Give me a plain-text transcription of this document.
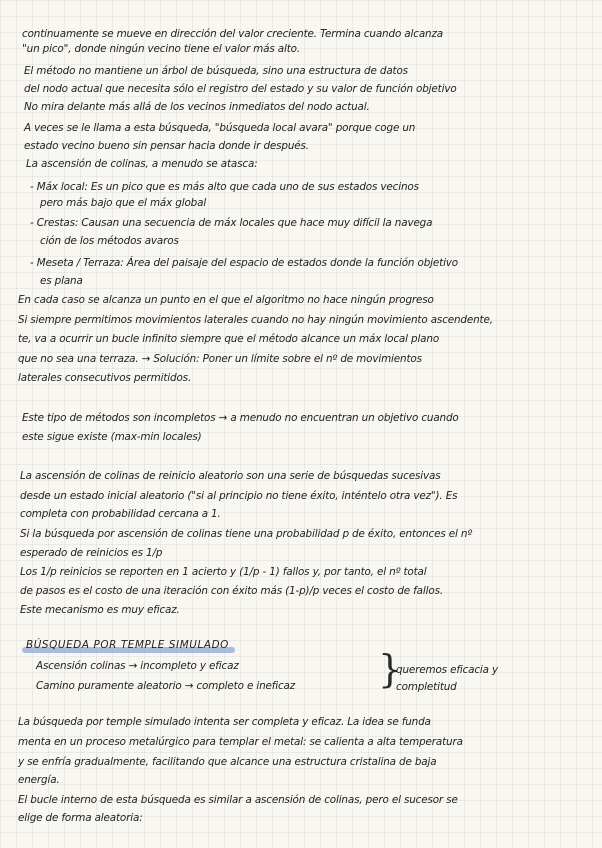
continuamente se mueve en dirección del valor creciente. Termina cuando alcanza
"un pico", donde ningún vecino tiene el valor más alto.
El método no mantiene un árbol de búsqueda, sino una estructura de datos
del nodo actual que necesita sólo el registro del estado y su valor de función objetivo
No mira delante más allá de los vecinos inmediatos del nodo actual.
A veces se le llama a esta búsqueda, "búsqueda local avara" porque coge un
estado vecino bueno sin pensar hacia donde ir después.
La ascensión de colinas, a menudo se atasca:
- Máx local: Es un pico que es más alto que cada uno de sus estados vecinos
pero más bajo que el máx global
- Crestas: Causan una secuencia de máx locales que hace muy difícil la navega
ción de los métodos avaros
- Meseta / Terraza: Área del paisaje del espacio de estados donde la función objetivo
es plana
En cada caso se alcanza un punto en el que el algoritmo no hace ningún progreso
Si siempre permitimos movimientos laterales cuando no hay ningún movimiento ascendente,
te, va a ocurrir un bucle infinito siempre que el método alcance un máx local plano
que no sea una terraza. → Solución: Poner un límite sobre el nº de movimientos
laterales consecutivos permitidos.
Este tipo de métodos son incompletos → a menudo no encuentran un objetivo cuando
este sigue existe (max-min locales)
La ascensión de colinas de reinicio aleatorio son una serie de búsquedas sucesivas
desde un estado inicial aleatorio ("si al principio no tiene éxito, inténtelo otra vez"). Es
completa con probabilidad cercana a 1.
Si la búsqueda por ascensión de colinas tiene una probabilidad p de éxito, entonces el nº
esperado de reinicios es 1/p
Los 1/p reinicios se reporten en 1 acierto y (1/p - 1) fallos y, por tanto, el nº total
de pasos es el costo de una iteración con éxito más (1-p)/p veces el costo de fallos.
Este mecanismo es muy eficaz.
BÚSQUEDA POR TEMPLE SIMULADO
Ascensión colinas → incompleto y eficaz
Camino puramente aleatorio → completo e ineficaz }
queremos eficacia y
completitud
La búsqueda por temple simulado intenta ser completa y eficaz. La idea se funda
menta en un proceso metalúrgico para templar el metal: se calienta a alta temperatura
y se enfría gradualmente, facilitando que alcance una estructura cristalina de baja
energía.
El bucle interno de esta búsqueda es similar a ascensión de colinas, pero el sucesor se
elige de forma aleatoria:
